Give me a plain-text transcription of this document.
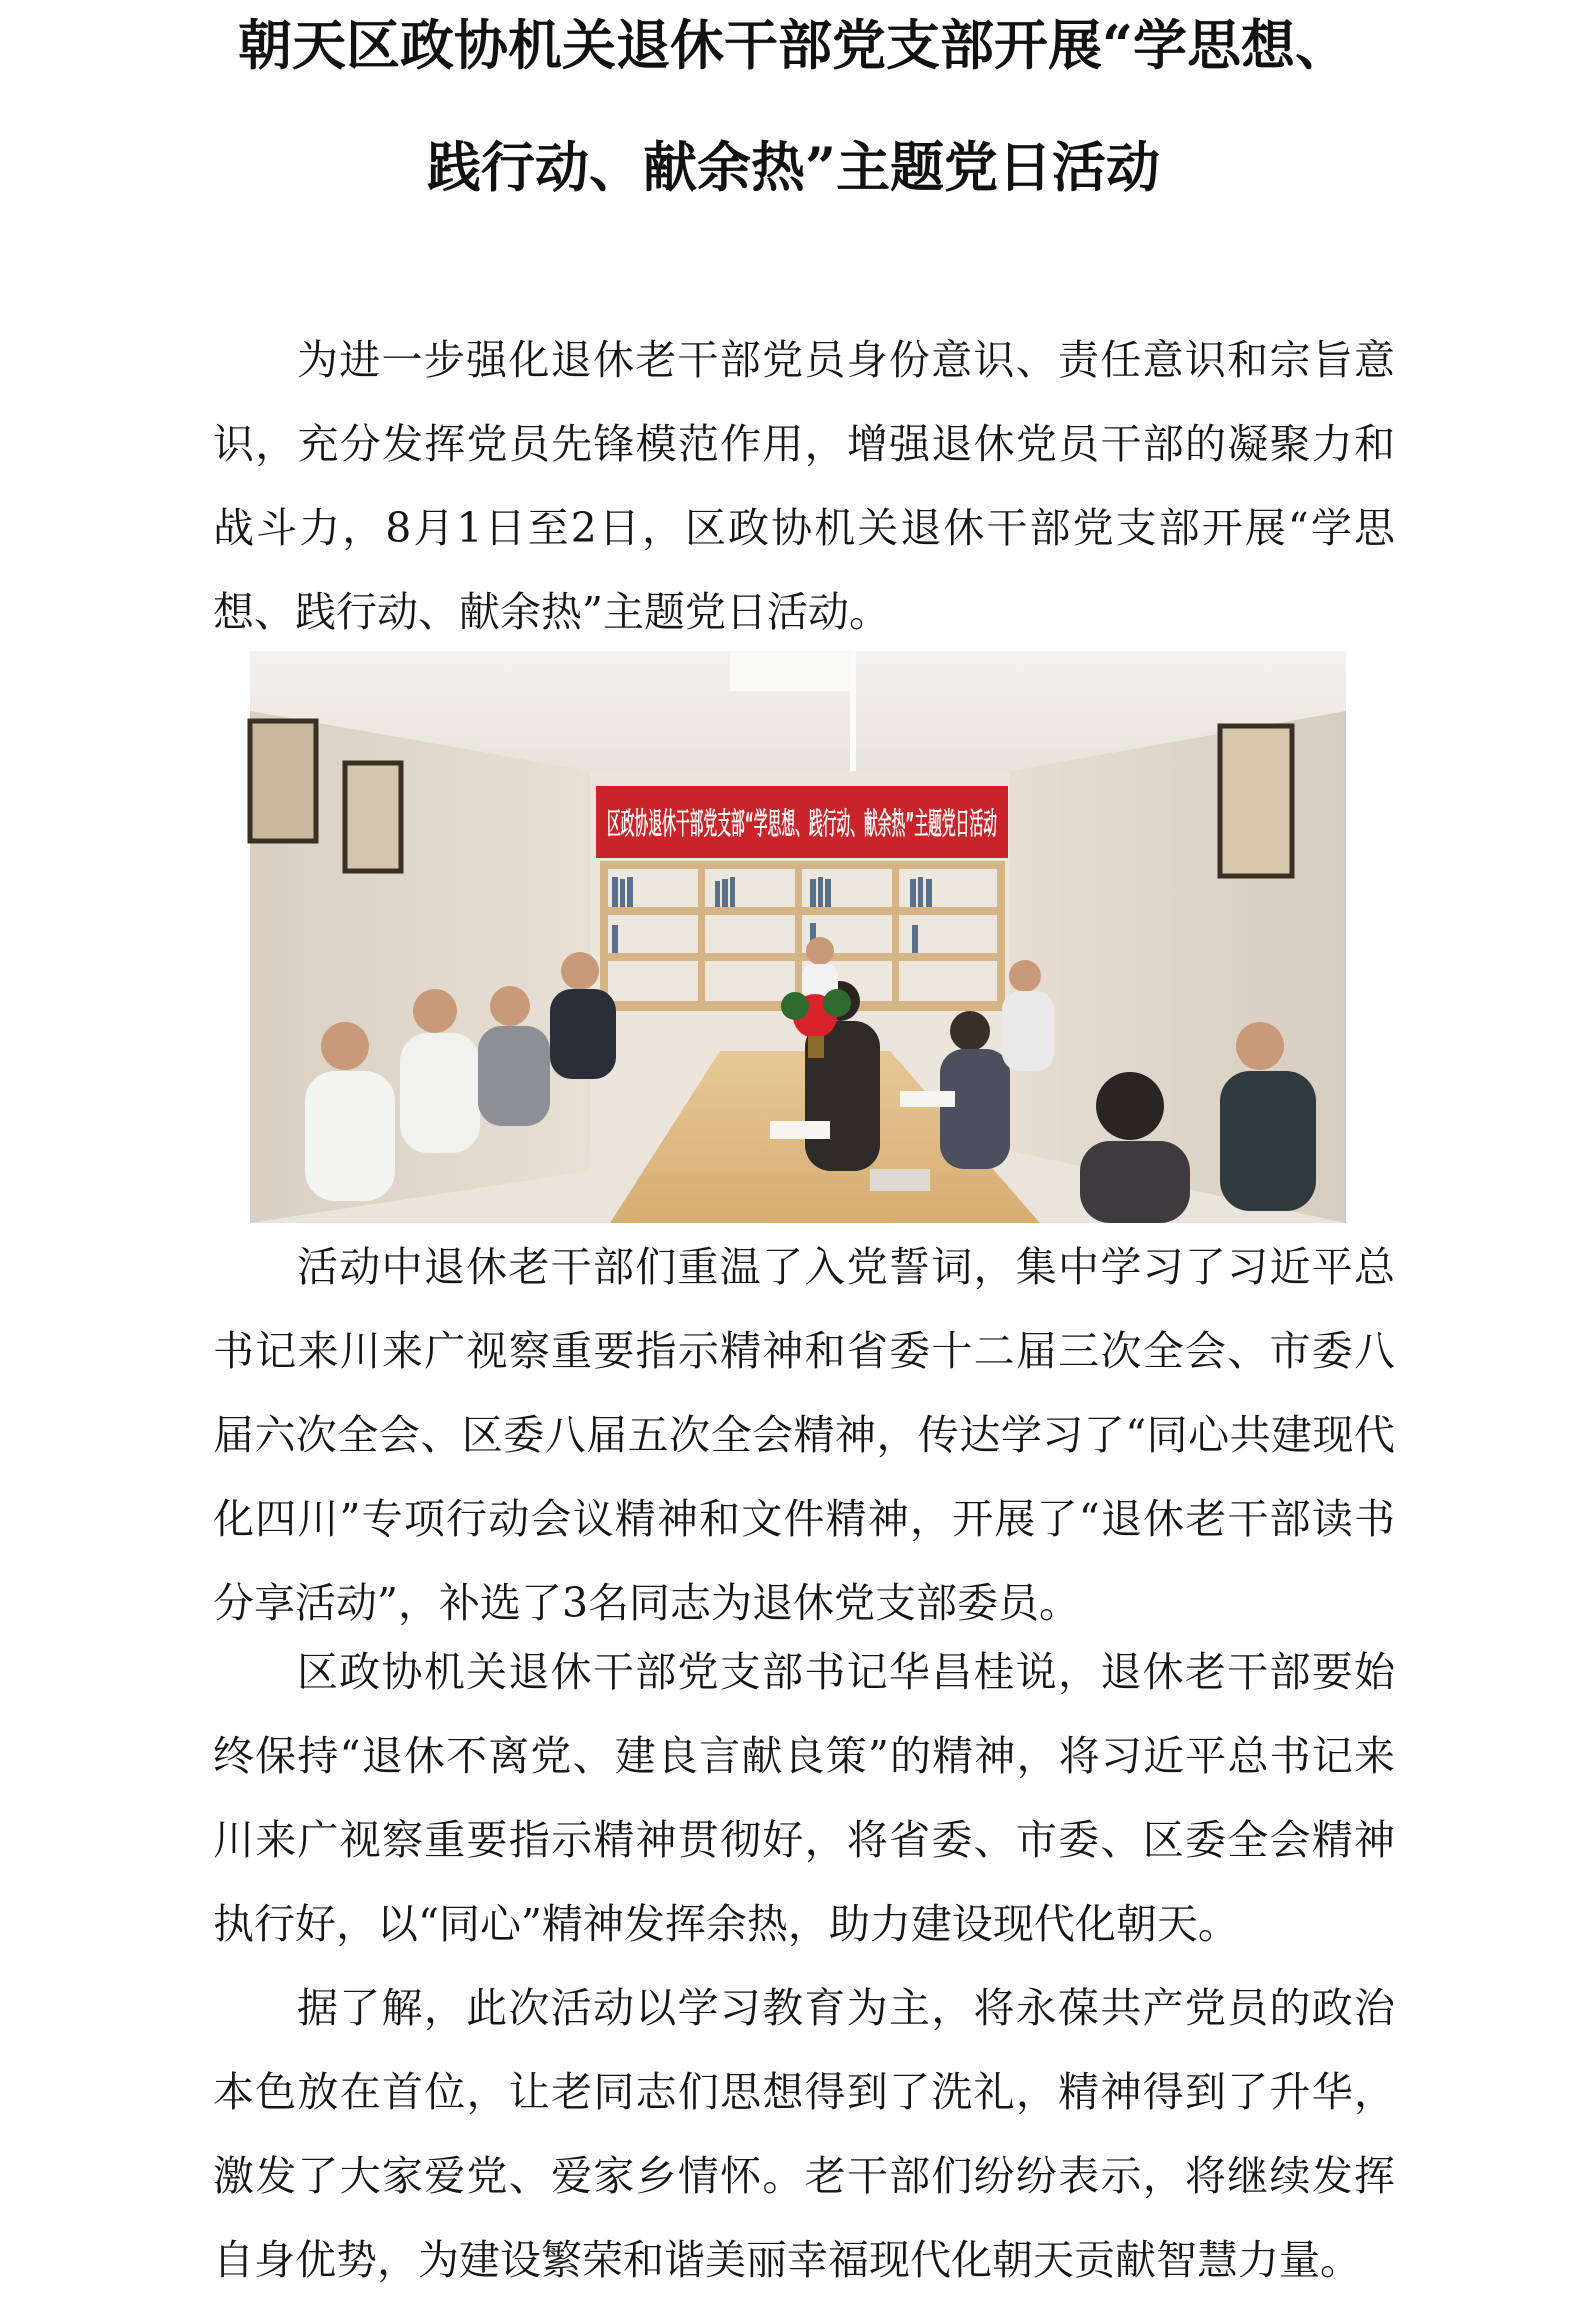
朝天区政协机关退休干部党支部开展“学思想、
践行动、献余热”主题党日活动

为进一步强化退休老干部党员身份意识、责任意识和宗旨意识，充分发挥党员先锋模范作用，增强退休党员干部的凝聚力和战斗力，8月1日至2日，区政协机关退休干部党支部开展“学思想、践行动、献余热”主题党日活动。

区政协退休干部党支部“学思想、践行动、献余热”主题党日活动

活动中退休老干部们重温了入党誓词，集中学习了习近平总书记来川来广视察重要指示精神和省委十二届三次全会、市委八届六次全会、区委八届五次全会精神，传达学习了“同心共建现代化四川”专项行动会议精神和文件精神，开展了“退休老干部读书分享活动”，补选了3名同志为退休党支部委员。

区政协机关退休干部党支部书记华昌桂说，退休老干部要始终保持“退休不离党、建良言献良策”的精神，将习近平总书记来川来广视察重要指示精神贯彻好，将省委、市委、区委全会精神执行好，以“同心”精神发挥余热，助力建设现代化朝天。

据了解，此次活动以学习教育为主，将永葆共产党员的政治本色放在首位，让老同志们思想得到了洗礼，精神得到了升华，激发了大家爱党、爱家乡情怀。老干部们纷纷表示，将继续发挥自身优势，为建设繁荣和谐美丽幸福现代化朝天贡献智慧力量。
